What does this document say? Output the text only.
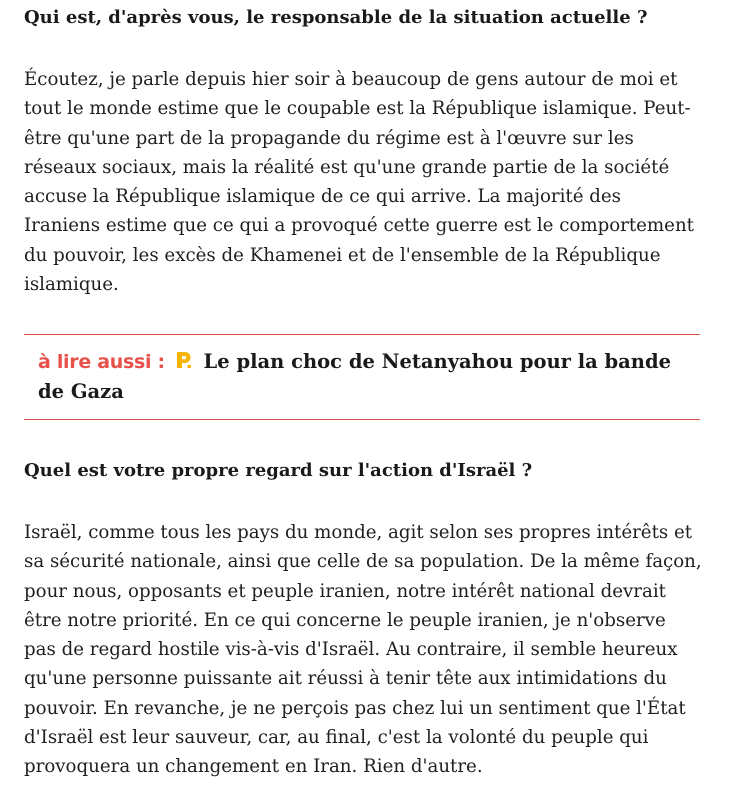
Qui est, d'après vous, le responsable de la situation actuelle ?

Écoutez, je parle depuis hier soir à beaucoup de gens autour de moi et tout le monde estime que le coupable est la République islamique. Peut-être qu'une part de la propagande du régime est à l'œuvre sur les réseaux sociaux, mais la réalité est qu'une grande partie de la société accuse la République islamique de ce qui arrive. La majorité des Iraniens estime que ce qui a provoqué cette guerre est le comportement du pouvoir, les excès de Khamenei et de l'ensemble de la République islamique.

à lire aussi : Le plan choc de Netanyahou pour la bande de Gaza
Quel est votre propre regard sur l'action d'Israël ?

Israël, comme tous les pays du monde, agit selon ses propres intérêts et sa sécurité nationale, ainsi que celle de sa population. De la même façon, pour nous, opposants et peuple iranien, notre intérêt national devrait être notre priorité. En ce qui concerne le peuple iranien, je n'observe pas de regard hostile vis-à-vis d'Israël. Au contraire, il semble heureux qu'une personne puissante ait réussi à tenir tête aux intimidations du pouvoir. En revanche, je ne perçois pas chez lui un sentiment que l'État d'Israël est leur sauveur, car, au final, c'est la volonté du peuple qui provoquera un changement en Iran. Rien d'autre.
